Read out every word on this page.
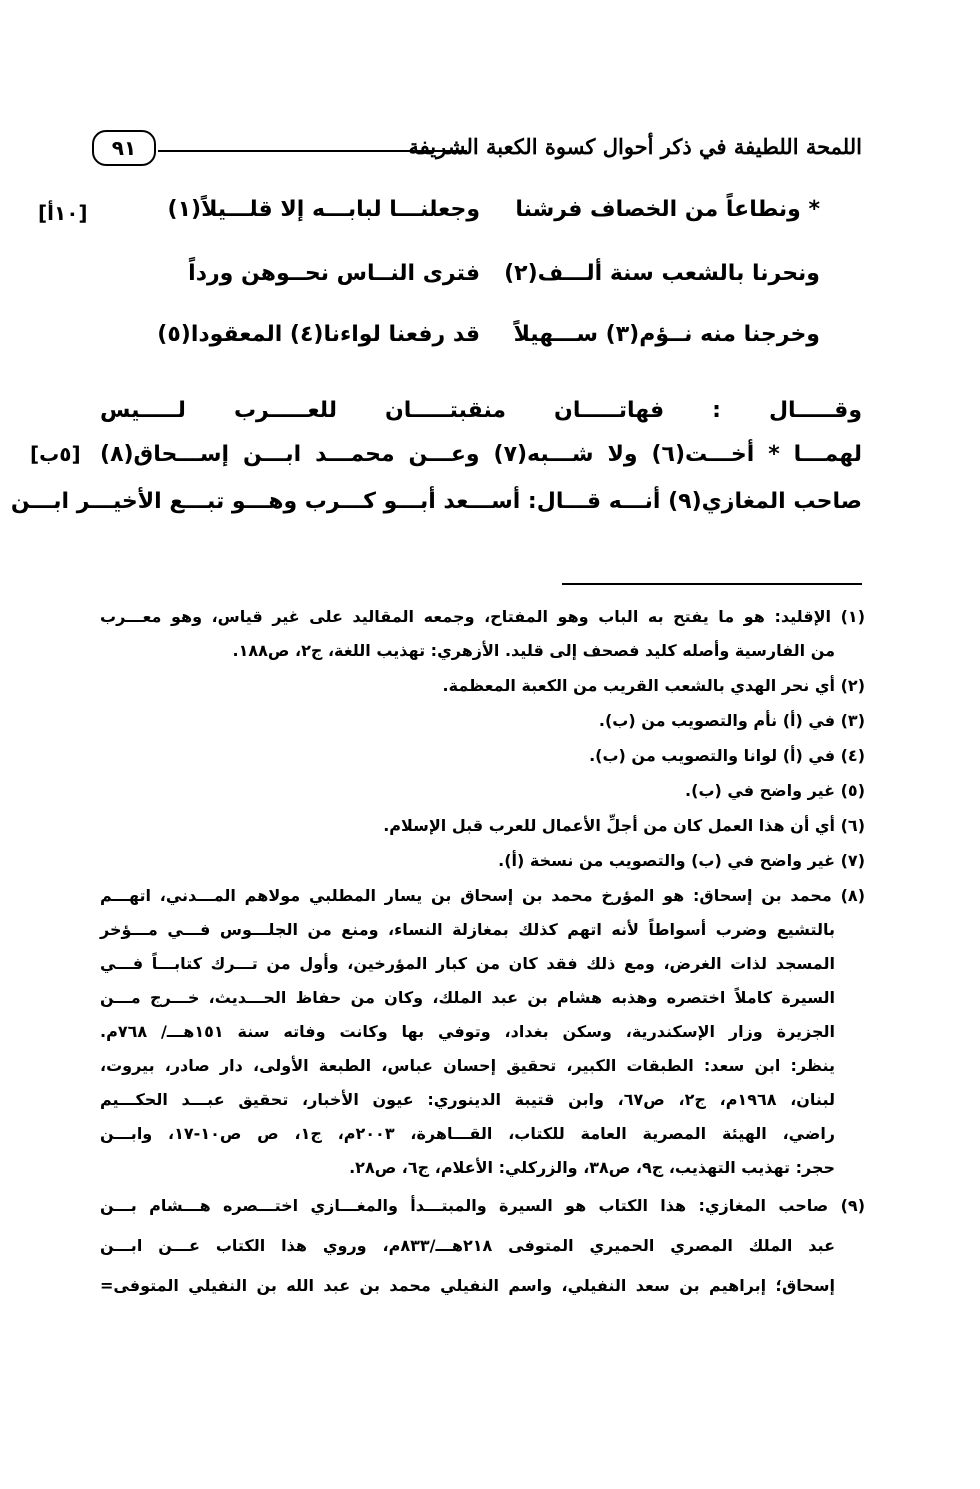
اللمحة اللطيفة في ذكر أحوال كسوة الكعبة الشريفة
٩١
* ونطاعاً من الخصاف فرشنا
وجعلنـــا لبابـــه إلا قلـــيلاً(١)
[١٠أ]
ونحرنا بالشعب سنة ألـــف(٢)
فترى النــاس نحــوهن ورداً
وخرجنا منه نــؤم(٣) ســـهيلاً
قد رفعنا لواءنا(٤) المعقودا(٥)
وقـــــال : فهاتـــــان منقبتـــــان للعـــــرب لـــــيس
لهمـــا * أخـــت(٦) ولا شـــبه(٧) وعـــن محمـــد ابـــن إســـحاق(٨)
[٥ب]
صاحب المغازي(٩) أنـــه قـــال: أســـعد أبـــو كـــرب وهـــو تبـــع الأخيـــر ابـــن
(١) الإقليد: هو ما يفتح به الباب وهو المفتاح، وجمعه المقاليد على غير قياس، وهو معـــرب
من الفارسية وأصله كليد فصحف إلى قليد. الأزهري: تهذيب اللغة، ج٢، ص١٨٨.
(٢) أي نحر الهدي بالشعب القريب من الكعبة المعظمة.
(٣) في (أ) نأم والتصويب من (ب).
(٤) في (أ) لوانا والتصويب من (ب).
(٥) غير واضح في (ب).
(٦) أي أن هذا العمل كان من أجلِّ الأعمال للعرب قبل الإسلام.
(٧) غير واضح في (ب) والتصويب من نسخة (أ).
(٨) محمد بن إسحاق: هو المؤرخ محمد بن إسحاق بن يسار المطلبي مولاهم المـــدني، اتهـــم
بالتشيع وضرب أسواطاً لأنه اتهم كذلك بمغازلة النساء، ومنع من الجلـــوس فـــي مـــؤخر
المسجد لذات الغرض، ومع ذلك فقد كان من كبار المؤرخين، وأول من تـــرك كتابـــاً فـــي
السيرة كاملاً اختصره وهذبه هشام بن عبد الملك، وكان من حفاظ الحـــديث، خـــرج مـــن
الجزيرة وزار الإسكندرية، وسكن بغداد، وتوفي بها وكانت وفاته سنة ١٥١هـــ/ ٧٦٨م.
ينظر: ابن سعد: الطبقات الكبير، تحقيق إحسان عباس، الطبعة الأولى، دار صادر، بيروت،
لبنان، ١٩٦٨م، ج٢، ص٦٧، وابن قتيبة الدينوري: عيون الأخبار، تحقيق عبـــد الحكـــيم
راضي، الهيئة المصرية العامة للكتاب، القـــاهرة، ٢٠٠٣م، ج١، ص ص١٠-١٧، وابـــن
حجر: تهذيب التهذيب، ج٩، ص٣٨، والزركلي: الأعلام، ج٦، ص٢٨.
(٩) صاحب المغازي: هذا الكتاب هو السيرة والمبتـــدأ والمغـــازي اختـــصره هـــشام بـــن
عبد الملك المصري الحميري المتوفى ٢١٨هـــ/٨٣٣م، وروي هذا الكتاب عـــن ابـــن
إسحاق؛ إبراهيم بن سعد النفيلي، واسم النفيلي محمد بن عبد الله بن النفيلي المتوفى=
